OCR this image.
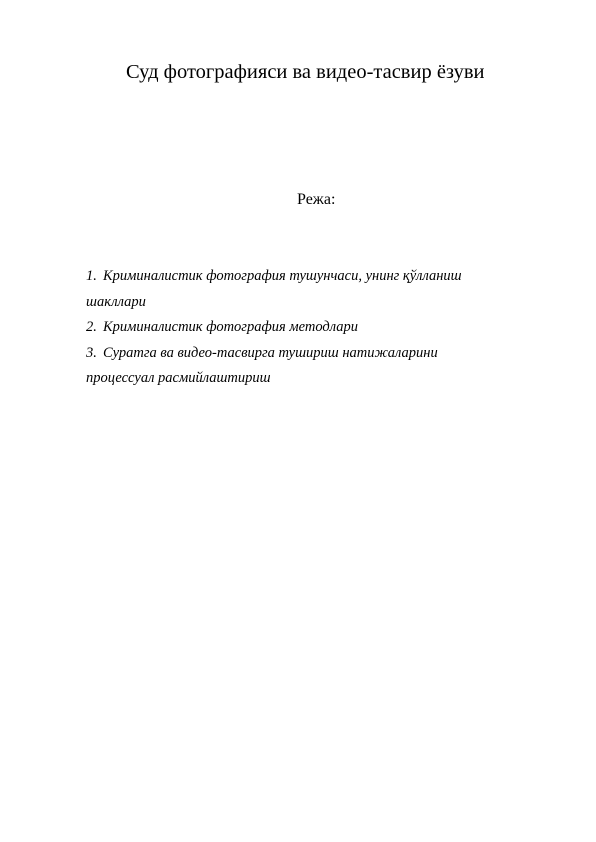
Суд фотографияси ва видео-тасвир ёзуви
Режа:
1. Криминалистик фотография тушунчаси, унинг қўлланиш
шакллари
2. Криминалистик фотография методлари
3. Суратга ва видео-тасвирга тушириш натижаларини
процессуал расмийлаштириш
